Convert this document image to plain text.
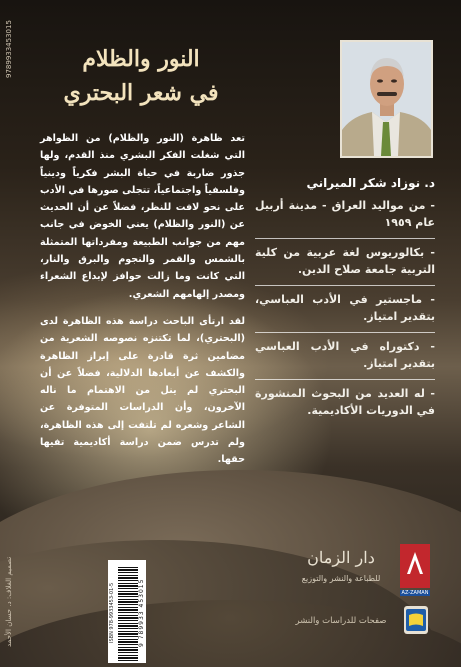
تصميم الغلاف: د. حسان الأحمد
9789933453015	النور والظلام
في شعر البحتري
د. نوزاد شكر الميراني
- من مواليد العراق - مدينة أربيل عام ١٩٥٩
- بكالوريوس لغة عربية من كلية التربية جامعة صلاح الدين.
- ماجستير في الأدب العباسي، بتقدير امتياز.
- دكتوراه في الأدب العباسي بتقدير امتياز.
- له العديد من البحوث المنشورة في الدوريات الأكاديمية.

تعد ظاهرة (النور والظلام) من الظواهر التي شغلت الفكر البشري منذ القدم، ولها جذور ضاربة في حياة البشر فكرياً ودينياً وفلسفياً واجتماعياً، تتجلى صورها في الأدب على نحو لافت للنظر، فضلاً عن أن الحديث عن (النور والظلام) يعني الخوض في جانب مهم من جوانب الطبيعة ومفرداتها المتمثلة بالشمس والقمر والنجوم والبرق والنار، التي كانت وما زالت حوافز لإبداع الشعراء ومصدر إلهامهم الشعري.

لقد ارتأى الباحث دراسة هذه الظاهرة لدى (البحتري)، لما تكتنزه نصوصه الشعرية من مضامين ثرة قادرة على إبراز الظاهرة والكشف عن أبعادها الدلالية، فضلاً عن أن البحتري لم ينل من الاهتمام ما ناله الآخرون، وأن الدراسات المتوفرة عن الشاعر وشعره لم تلتفت إلى هذه الظاهرة، ولم تدرس ضمن دراسة أكاديمية تفيها حقها.

ISBN 978-9933453-01-5	9 789933 453015
دار الزمان
للطباعة والنشر والتوزيع
AZ-ZAMAN
صفحات للدراسات والنشر
